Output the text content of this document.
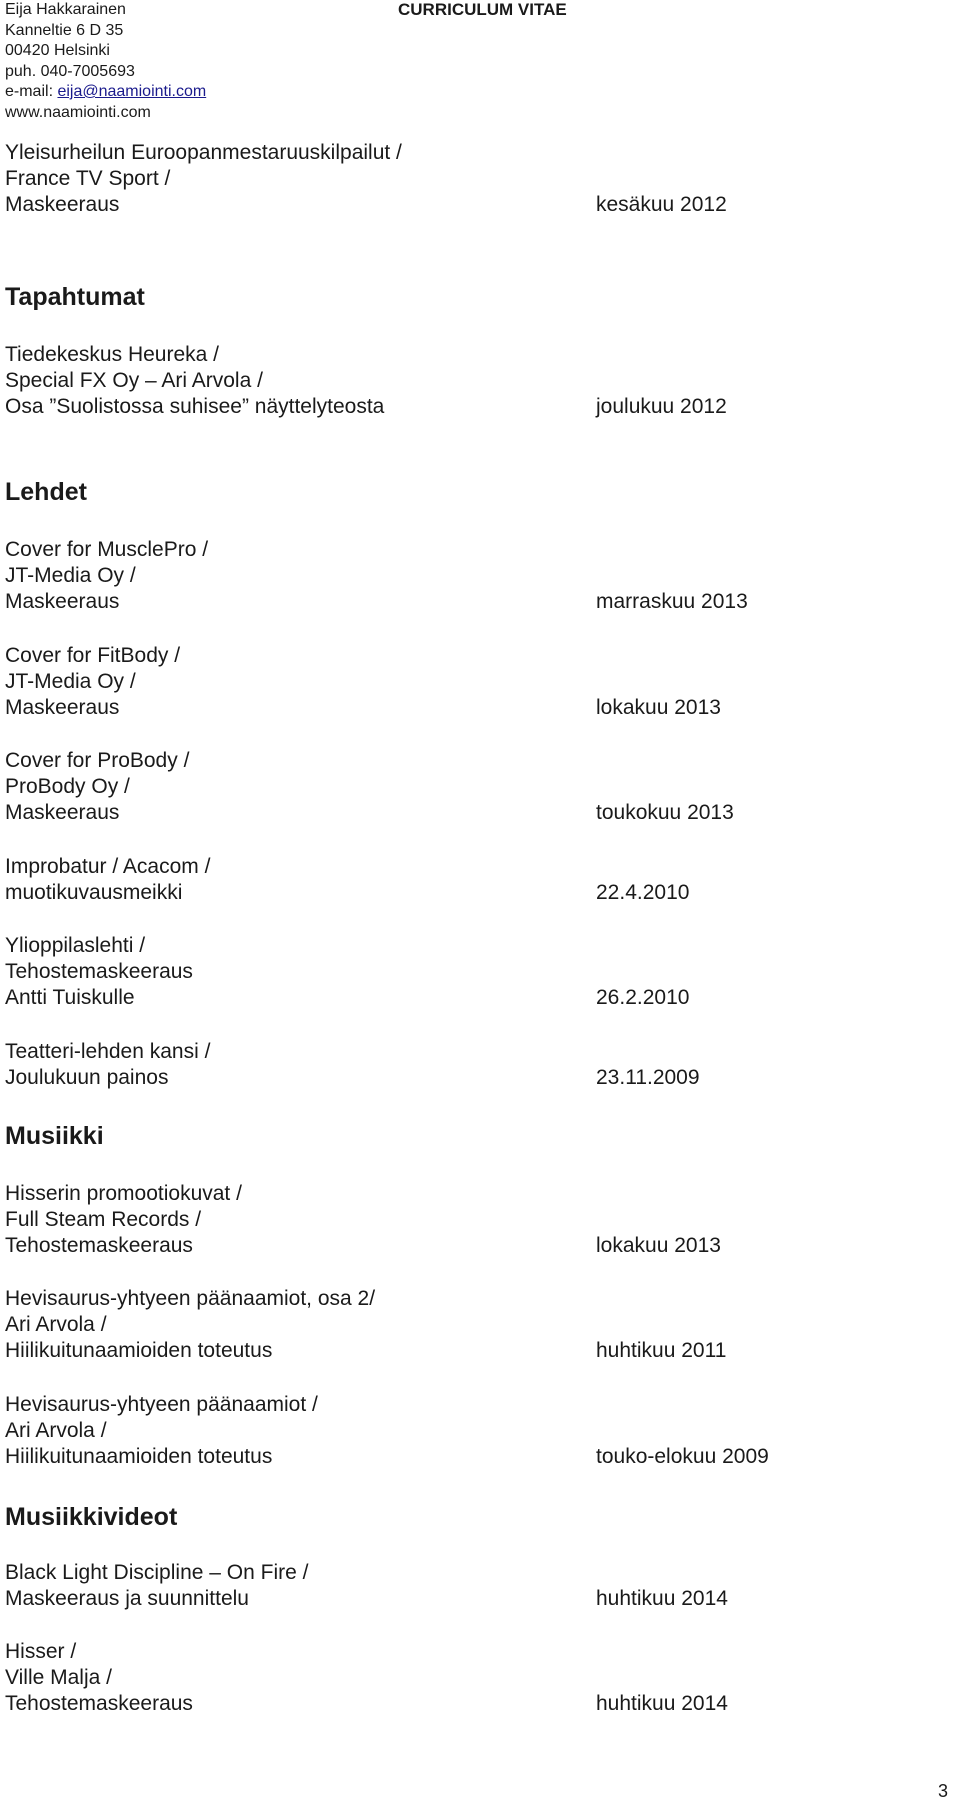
Eija Hakkarainen
Kanneltie 6 D 35
00420 Helsinki
puh. 040-7005693
e-mail: eija@naamiointi.com
www.naamiointi.com
CURRICULUM VITAE
Yleisurheilun Euroopanmestaruuskilpailut /
France TV Sport /
Maskeeraus	kesäkuu 2012
Tapahtumat
Tiedekeskus Heureka /
Special FX Oy – Ari Arvola /
Osa ”Suolistossa suhisee” näyttelyteosta	joulukuu 2012
Lehdet
Cover for MusclePro /
JT-Media Oy /
Maskeeraus	marraskuu 2013
Cover for FitBody /
JT-Media Oy /
Maskeeraus	lokakuu 2013
Cover for ProBody /
ProBody Oy /
Maskeeraus	toukokuu 2013
Improbatur / Acacom /
muotikuvausmeikki	22.4.2010
Ylioppilaslehti /
Tehostemaskeeraus
Antti Tuiskulle	26.2.2010
Teatteri-lehden kansi /
Joulukuun painos	23.11.2009
Musiikki
Hisserin promootiokuvat /
Full Steam Records /
Tehostemaskeeraus	lokakuu 2013
Hevisaurus-yhtyeen päänaamiot, osa 2/
Ari Arvola /
Hiilikuitunaamioiden toteutus	huhtikuu 2011
Hevisaurus-yhtyeen päänaamiot /
Ari Arvola /
Hiilikuitunaamioiden toteutus	touko-elokuu 2009
Musiikkivideot
Black Light Discipline – On Fire /
Maskeeraus ja suunnittelu	huhtikuu 2014
Hisser /
Ville Malja /
Tehostemaskeeraus	huhtikuu 2014
3
